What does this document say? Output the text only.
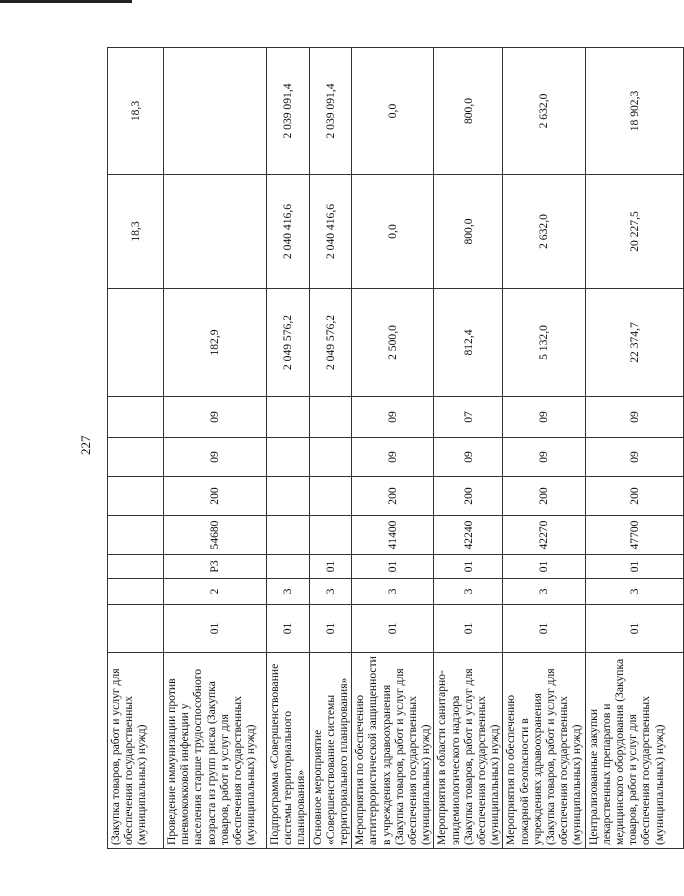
227
(Закупка товаров, работ и услуг для обеспечения государственных (муниципальных) нужд)									18,3	18,3

Проведение иммунизации против пневмококковой инфекции у населения старше трудоспособного возраста из групп риска (Закупка товаров, работ и услуг для обеспечения государственных (муниципальных) нужд)	01	2	P3	54680	200	09	09	182,9		

Подпрограмма «Совершенствование системы территориального планирования»	01	3						2 049 576,2	2 040 416,6	2 039 091,4

Основное мероприятие «Совершенствование системы территориального планирования»	01	3	01					2 049 576,2	2 040 416,6	2 039 091,4

Мероприятия по обеспечению антитеррористической защищенности в учреждениях здравоохранения (Закупка товаров, работ и услуг для обеспечения государственных (муниципальных) нужд)	01	3	01	41400	200	09	09	2 500,0	0,0	0,0

Мероприятия в области санитарно-эпидемиологического надзора (Закупка товаров, работ и услуг для обеспечения государственных (муниципальных) нужд)	01	3	01	42240	200	09	07	812,4	800,0	800,0

Мероприятия по обеспечению пожарной безопасности в учреждениях здравоохранения (Закупка товаров, работ и услуг для обеспечения государственных (муниципальных) нужд)	01	3	01	42270	200	09	09	5 132,0	2 632,0	2 632,0

Централизованные закупки лекарственных препаратов и медицинского оборудования (Закупка товаров, работ и услуг для обеспечения государственных (муниципальных) нужд)	01	3	01	47700	200	09	09	22 374,7	20 227,5	18 902,3
